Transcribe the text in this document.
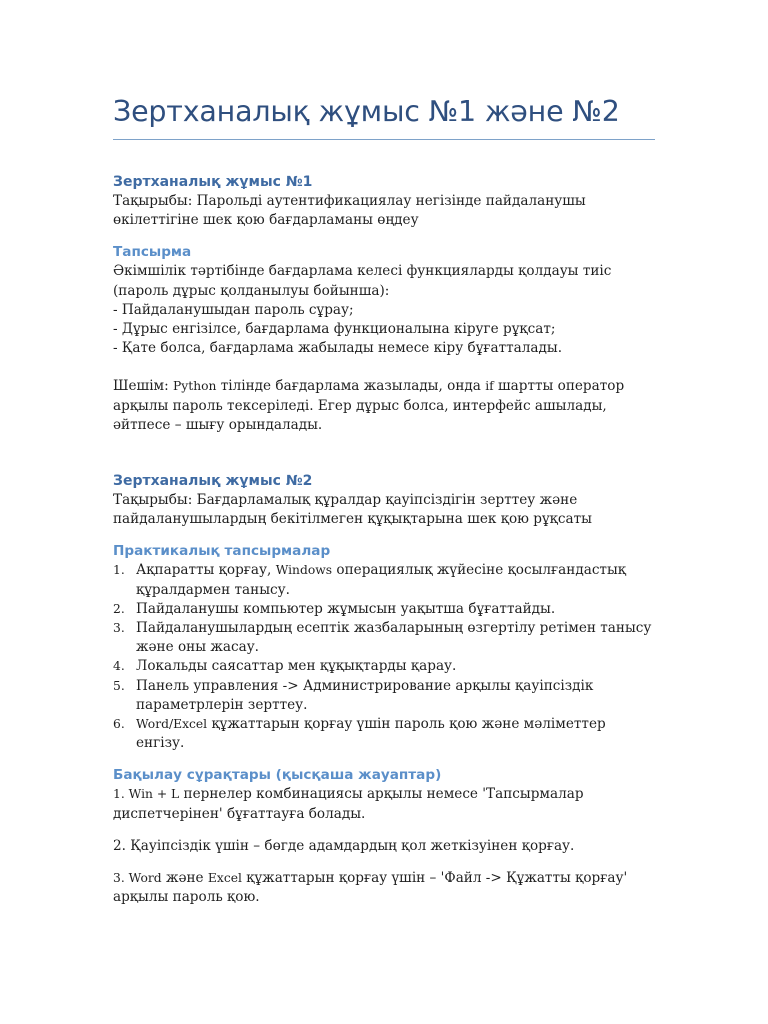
Зертханалық жұмыс №1 және №2
Зертханалық жұмыс №1

Тақырыбы: Парольді аутентификациялау негізінде пайдаланушы өкілеттігіне шек қою бағдарламаны өңдеу

Тапсырма

Әкімшілік тәртібінде бағдарлама келесі функцияларды қолдауы тиіс (пароль дұрыс қолданылуы бойынша):

- Пайдаланушыдан пароль сұрау;

- Дұрыс енгізілсе, бағдарлама функционалына кіруге рұқсат;

- Қате болса, бағдарлама жабылады немесе кіру бұғатталады.

Шешім: Python тілінде бағдарлама жазылады, онда if шартты оператор арқылы пароль тексеріледі. Егер дұрыс болса, интерфейс ашылады, әйтпесе – шығу орындалады.

Зертханалық жұмыс №2

Тақырыбы: Бағдарламалық құралдар қауіпсіздігін зерттеу және пайдаланушылардың бекітілмеген құқықтарына шек қою рұқсаты

Практикалық тапсырмалар
1. Ақпаратты қорғау, Windows операциялық жүйесіне қосылғандастық құралдармен танысу.
2. Пайдаланушы компьютер жұмысын уақытша бұғаттайды.
3. Пайдаланушылардың есептік жазбаларының өзгертілу ретімен танысу және оны жасау.
4. Локальды саясаттар мен құқықтарды қарау.
5. Панель управления -> Администрирование арқылы қауіпсіздік параметрлерін зерттеу.
6. Word/Excel құжаттарын қорғау үшін пароль қою және мәліметтер енгізу.
Бақылау сұрақтары (қысқаша жауаптар)

1. Win + L пернелер комбинациясы арқылы немесе 'Тапсырмалар диспетчерінен' бұғаттауға болады.

2. Қауіпсіздік үшін – бөгде адамдардың қол жеткізуінен қорғау.

3. Word және Excel құжаттарын қорғау үшін – 'Файл -> Құжатты қорғау' арқылы пароль қою.
